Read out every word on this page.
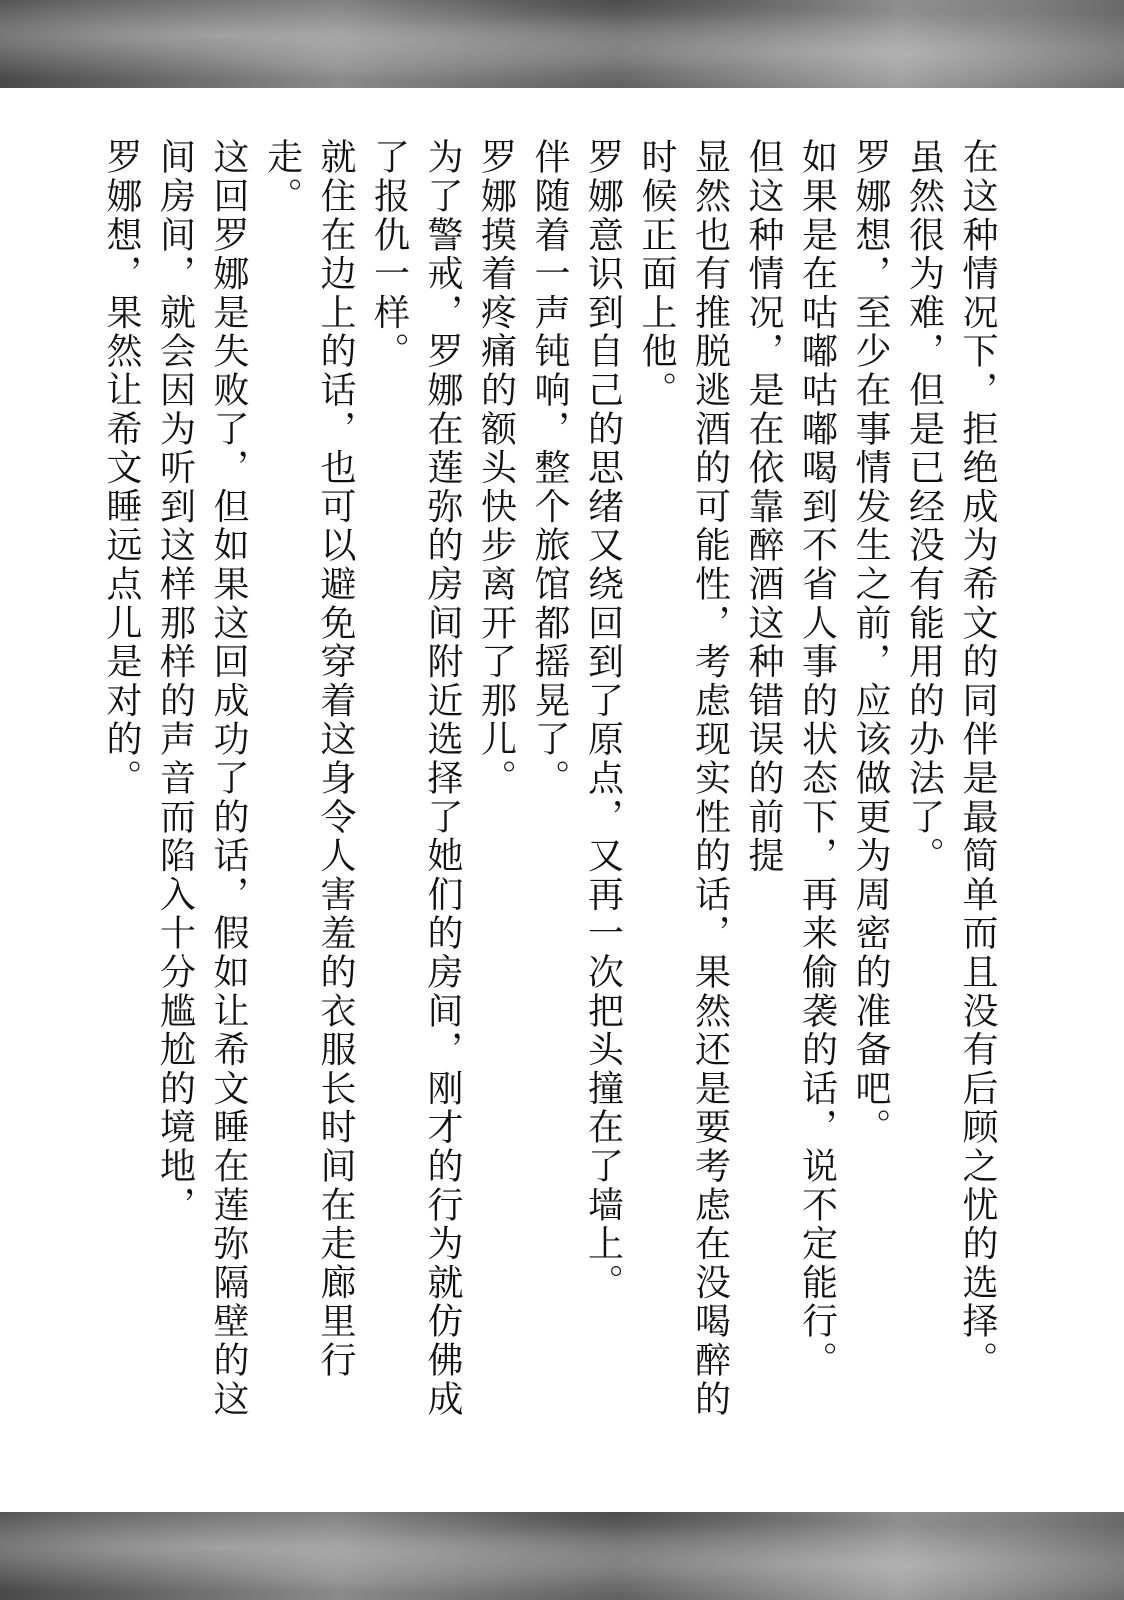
在这种情况下，拒绝成为希文的同伴是最简单而且没有后顾之忧的选择。

虽然很为难，但是已经没有能用的办法了。

罗娜想，至少在事情发生之前，应该做更为周密的准备吧。

如果是在咕嘟咕嘟喝到不省人事的状态下，再来偷袭的话，说不定能行。

但这种情况，是在依靠醉酒这种错误的前提

显然也有推脱逃酒的可能性，考虑现实性的话，果然还是要考虑在没喝醉的时候正面上他。

罗娜意识到自己的思绪又绕回到了原点，又再一次把头撞在了墙上。

伴随着一声钝响，整个旅馆都摇晃了。

罗娜摸着疼痛的额头快步离开了那儿。

为了警戒，罗娜在莲弥的房间附近选择了她们的房间，刚才的行为就仿佛成了报仇一样。

就住在边上的话，也可以避免穿着这身令人害羞的衣服长时间在走廊里行走。

这回罗娜是失败了，但如果这回成功了的话，假如让希文睡在莲弥隔壁的这间房间，就会因为听到这样那样的声音而陷入十分尴尬的境地，

罗娜想，果然让希文睡远点儿是对的。
